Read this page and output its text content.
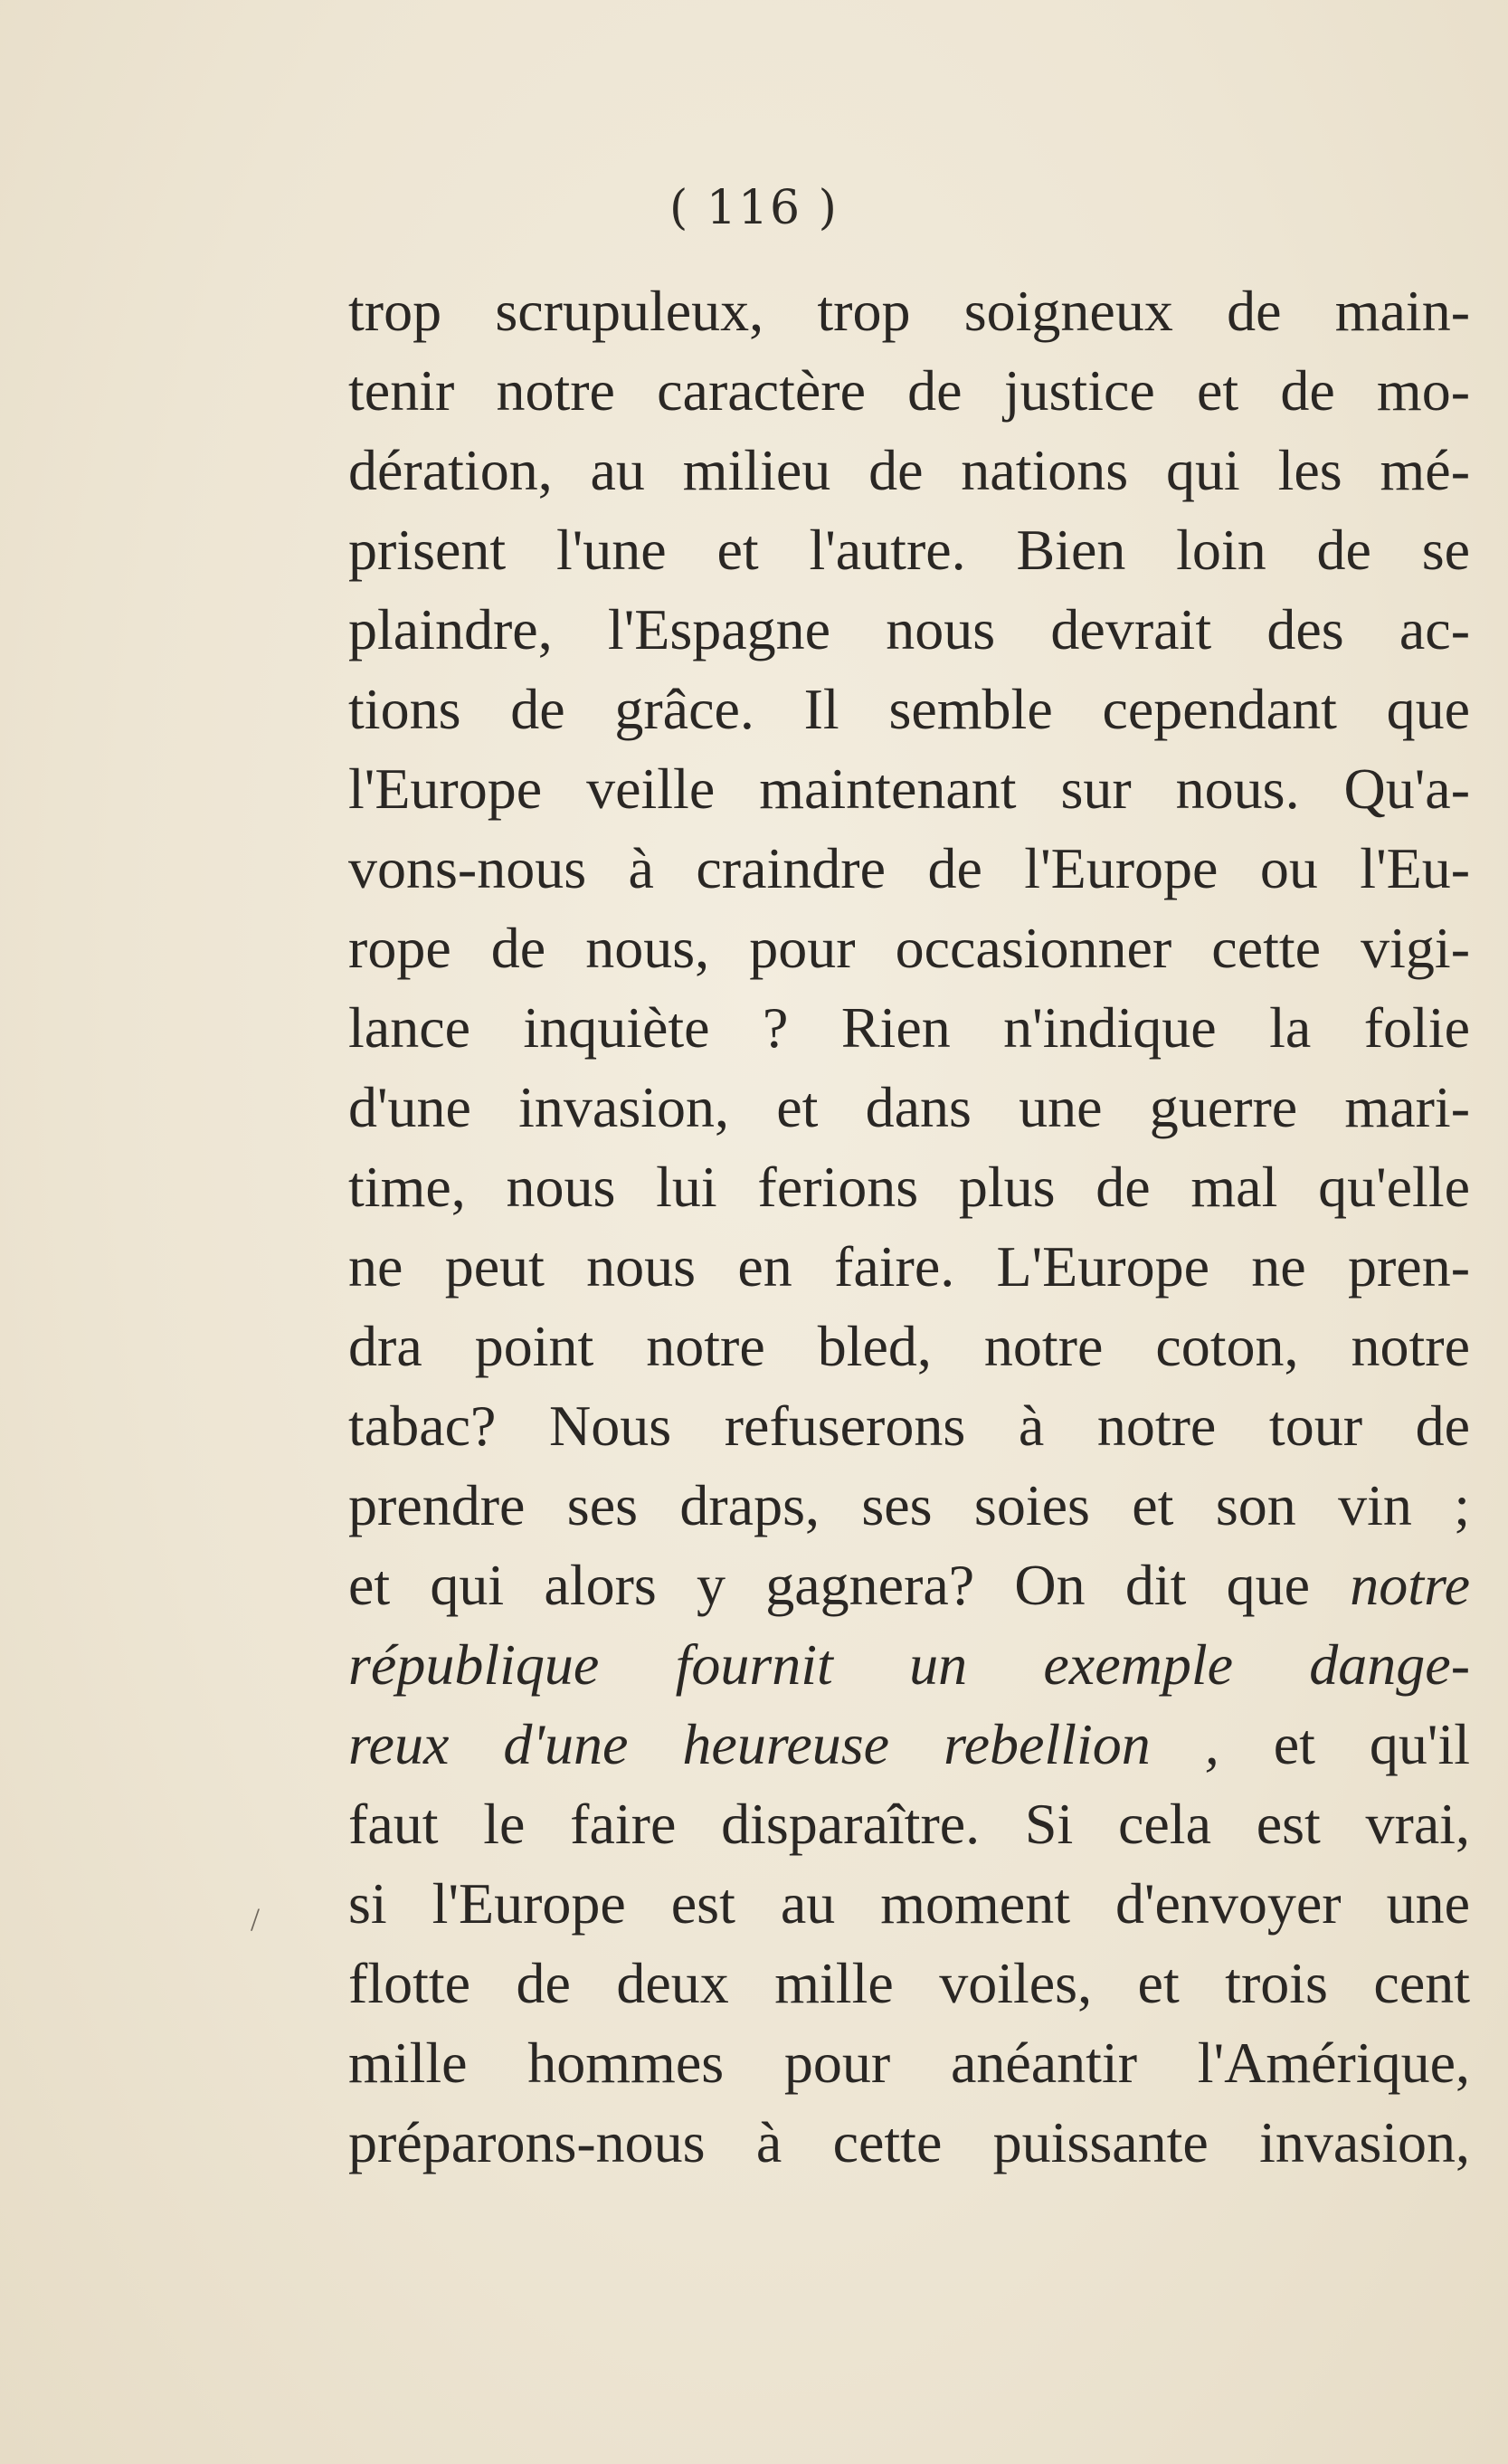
( 116 )
/
trop scrupuleux, trop soigneux de main-
tenir notre caractère de justice et de mo-
dération, au milieu de nations qui les mé-
prisent l'une et l'autre. Bien loin de se
plaindre, l'Espagne nous devrait des ac-
tions de grâce. Il semble cependant que
l'Europe veille maintenant sur nous. Qu'a-
vons-nous à craindre de l'Europe ou l'Eu-
rope de nous, pour occasionner cette vigi-
lance inquiète ? Rien n'indique la folie
d'une invasion, et dans une guerre mari-
time, nous lui ferions plus de mal qu'elle
ne peut nous en faire. L'Europe ne pren-
dra point notre bled, notre coton, notre
tabac? Nous refuserons à notre tour de
prendre ses draps, ses soies et son vin ;
et qui alors y gagnera? On dit que notre
république fournit un exemple dange-
reux d'une heureuse rebellion , et qu'il
faut le faire disparaître. Si cela est vrai,
si l'Europe est au moment d'envoyer une
flotte de deux mille voiles, et trois cent
mille hommes pour anéantir l'Amérique,
préparons-nous à cette puissante invasion,
